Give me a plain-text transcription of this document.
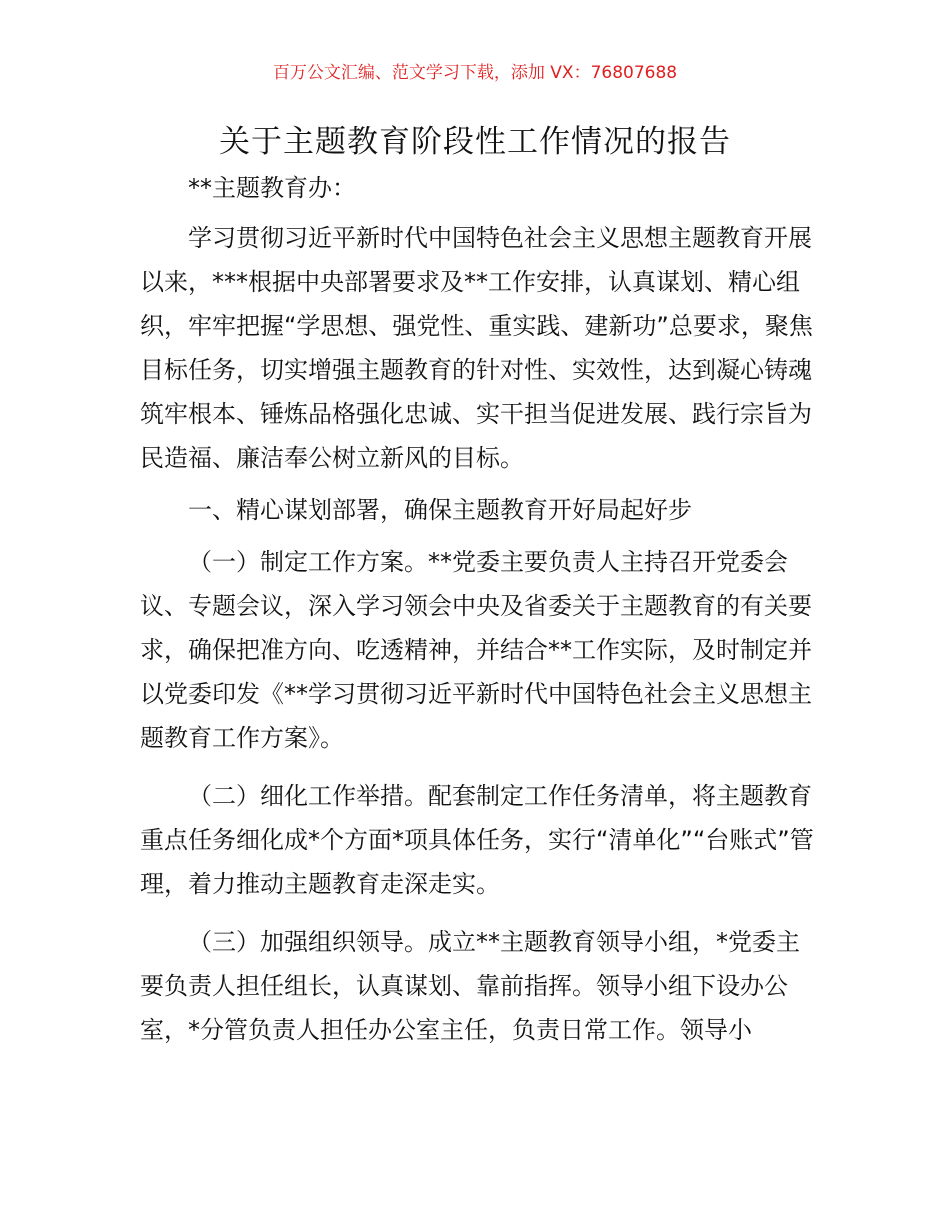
百万公文汇编、范文学习下载，添加 VX：76807688
关于主题教育阶段性工作情况的报告

**主题教育办：

学习贯彻习近平新时代中国特色社会主义思想主题教育开展以来，***根据中央部署要求及**工作安排，认真谋划、精心组织，牢牢把握“学思想、强党性、重实践、建新功”总要求，聚焦目标任务，切实增强主题教育的针对性、实效性，达到凝心铸魂筑牢根本、锤炼品格强化忠诚、实干担当促进发展、践行宗旨为民造福、廉洁奉公树立新风的目标。

一、精心谋划部署，确保主题教育开好局起好步

（一）制定工作方案。**党委主要负责人主持召开党委会议、专题会议，深入学习领会中央及省委关于主题教育的有关要求，确保把准方向、吃透精神，并结合**工作实际，及时制定并以党委印发《**学习贯彻习近平新时代中国特色社会主义思想主题教育工作方案》。

（二）细化工作举措。配套制定工作任务清单，将主题教育重点任务细化成*个方面*项具体任务，实行“清单化”“台账式”管理，着力推动主题教育走深走实。

（三）加强组织领导。成立**主题教育领导小组，*党委主要负责人担任组长，认真谋划、靠前指挥。领导小组下设办公室，*分管负责人担任办公室主任，负责日常工作。领导小
